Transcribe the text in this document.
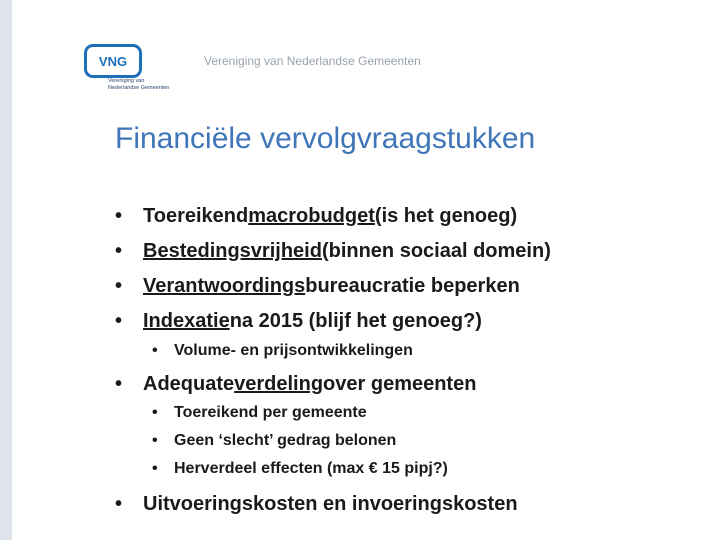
VNG
Vereniging van
Nederlandse Gemeenten
Vereniging van Nederlandse Gemeenten
Financiële vervolgvraagstukken
•	Toereikend macrobudget (is het genoeg)
•	Bestedingsvrijheid (binnen sociaal domein)
•	Verantwoordings bureaucratie beperken
•	Indexatie na 2015 (blijf het genoeg?)
•	Volume- en prijsontwikkelingen
•	Adequate verdeling over gemeenten
•	Toereikend per gemeente
•	Geen ‘slecht’ gedrag belonen
•	Herverdeel effecten (max € 15 pipj?)
•	Uitvoeringskosten en invoeringskosten
